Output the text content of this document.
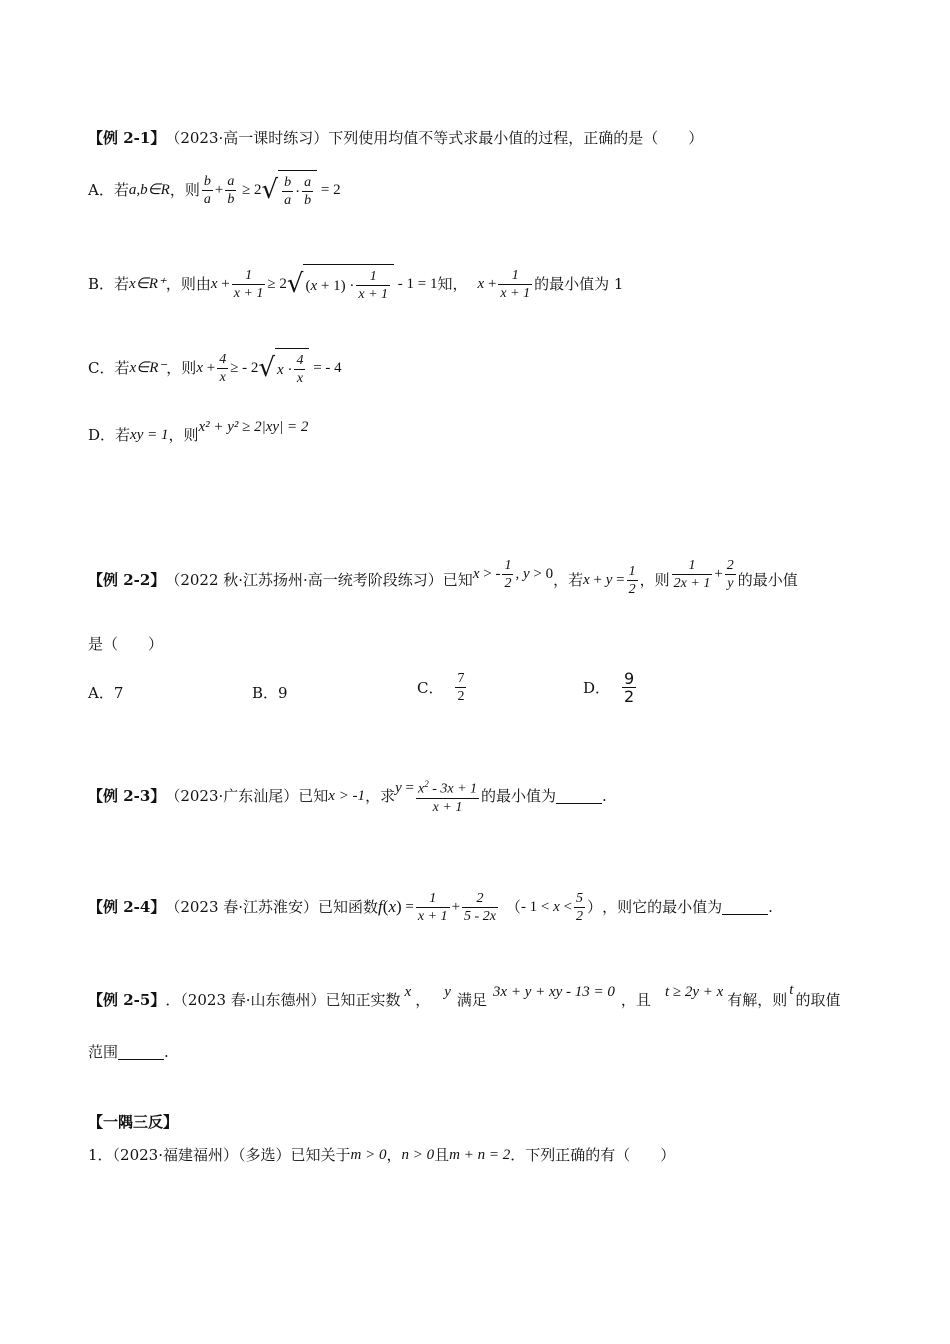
【例 2-1】 （2023·高一课时练习） 下列使用均值不等式求最小值的过程，正确的是（　　）
A．若 a,b∈R ，则 $\frac{b}{a} + \frac{a}{b} \ge 2$ √ $\frac{b}{a} \cdot \frac{a}{b} = 2$
B．若 x∈R⁺ ，则由 $x + \frac{1}{x + 1} \ge 2$ √ ( $x + 1) \cdot \frac{1}{x + 1} - 1 = 1$ 知， $x + \frac{1}{x + 1}$ 的最小值为 1
C．若 x∈R⁻ ，则 $x + \frac{4}{x}$ ≥ - 2 √ $x \cdot \frac{4}{x}$ = - 4
D．若 xy = 1 ，则 x² + y² ≥ 2|xy| = 2
【例 2-2】 （2022 秋·江苏扬州·高一统考阶段练习）已知 x > - $\frac{1}{2}$ , y > 0 ，若 $x + y = \frac{1}{2}$ ，则 $\frac{1}{2x + 1} + \frac{2}{y}$ 的最小值
是（　　）
A．7	B．9	C． $\frac{7}{2}$	D． $\frac{9}{2}$
【例 2-3】 （2023·广东汕尾）已知 x > -1 ，求 $y = \frac{x^2 - 3x + 1}{x + 1}$ 的最小值为	.
【例 2-4】 （2023 春·江苏淮安）已知函数 f ( x ) = $\frac{1}{x + 1} + \frac{2}{5 - 2x}$ （ - $1 < x < \frac{5}{2}$ ） ，则它的最小值为	.
【例 2-5】 ．（2023 春·山东德州）已知正实数 x ， y 满足 3x + y + xy - 13 = 0 ，且 t ≥ 2y + x 有解，则
t
的取值
范围	.
【一隅三反】
1．（2023·福建福州）（多选）已知关于 m > 0 ， n > 0 且 m + n = 2 ．下列正确的有（　　）
